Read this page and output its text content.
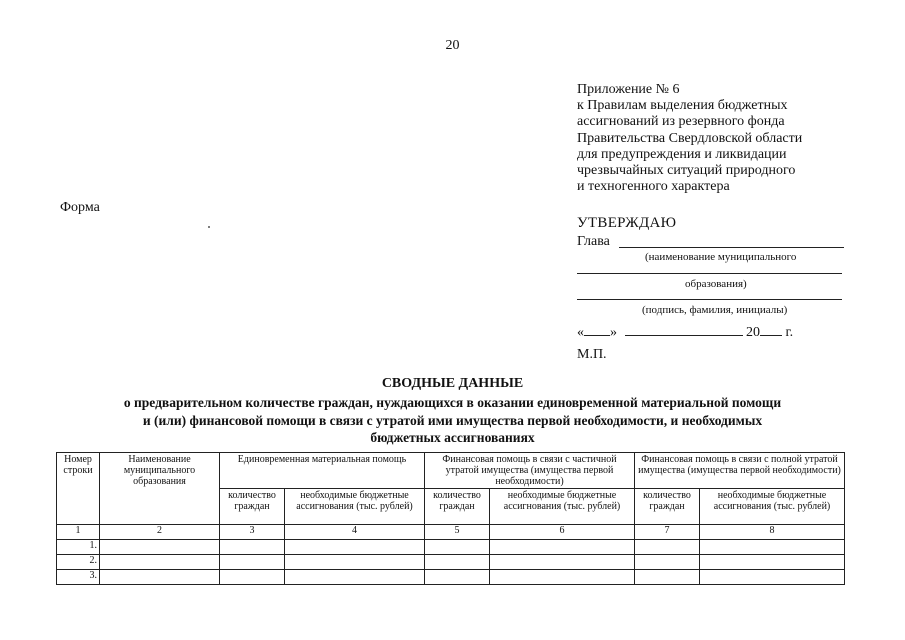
20
Приложение № 6
к Правилам выделения бюджетных
ассигнований из резервного фонда
Правительства Свердловской области
для предупреждения и ликвидации
чрезвычайных ситуаций природного
и техногенного характера
Форма
УТВЕРЖДАЮ
Глава
(наименование муниципального
образования)
(подпись, фамилия, инициалы)
« »	20 г.
М.П.
СВОДНЫЕ ДАННЫЕ
о предварительном количестве граждан, нуждающихся в оказании единовременной материальной помощи
и (или) финансовой помощи в связи с утратой ими имущества первой необходимости, и необходимых
бюджетных ассигнованиях
Номер строки	Наименование муниципального образования	Единовременная материальная помощь		Финансовая помощь в связи с частичной утратой имущества (имущества первой необходимости)		Финансовая помощь в связи с полной утратой имущества (имущества первой необходимости)	
		количество граждан	необходимые бюджетные ассигнования (тыс. рублей)	количество граждан	необходимые бюджетные ассигнования (тыс. рублей)	количество граждан	необходимые бюджетные ассигнования (тыс. рублей)
1	2	3	4	5	6	7	8
1.							
2.							
3.							
